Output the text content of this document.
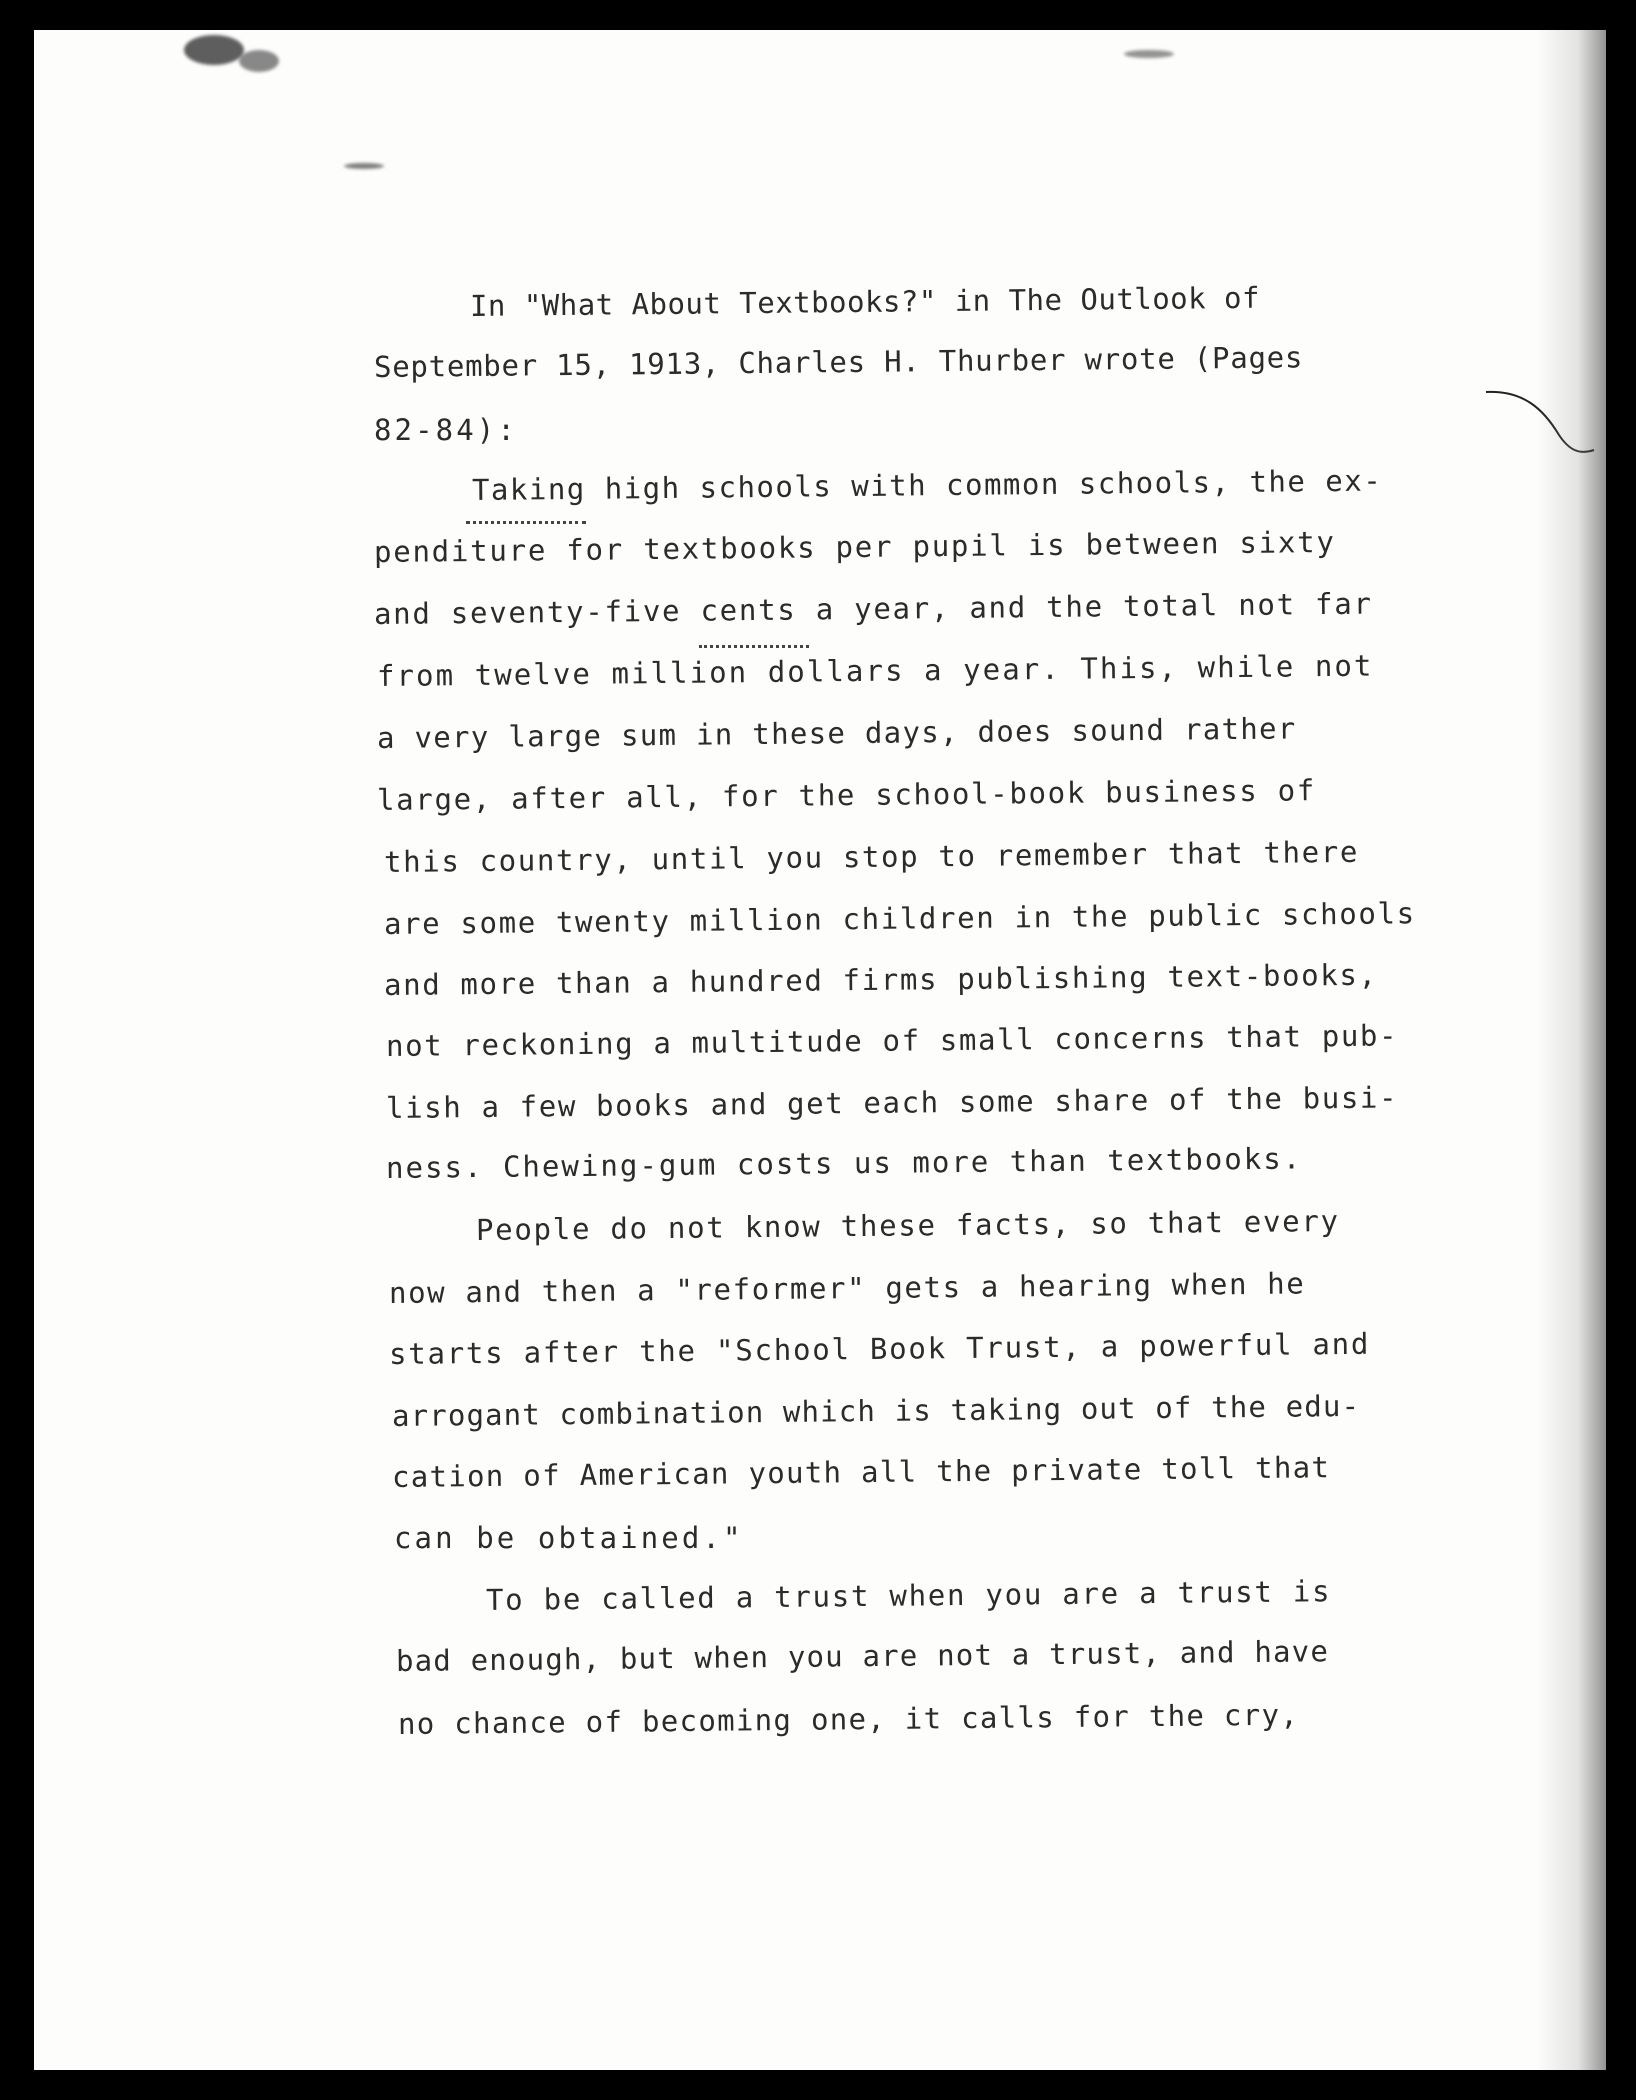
In "What About Textbooks?" in The Outlook of

September 15, 1913, Charles H. Thurber wrote (Pages

82-84):

Taking high schools with common schools, the ex-

penditure for textbooks per pupil is between sixty

and seventy-five cents a year, and the total not far

from twelve million dollars a year. This, while not

a very large sum in these days, does sound rather

large, after all, for the school-book business of

this country, until you stop to remember that there

are some twenty million children in the public schools

and more than a hundred firms publishing text-books,

not reckoning a multitude of small concerns that pub-

lish a few books and get each some share of the busi-

ness. Chewing-gum costs us more than textbooks.

People do not know these facts, so that every

now and then a "reformer" gets a hearing when he

starts after the "School Book Trust, a powerful and

arrogant combination which is taking out of the edu-

cation of American youth all the private toll that

can be obtained."

To be called a trust when you are a trust is

bad enough, but when you are not a trust, and have

no chance of becoming one, it calls for the cry,
